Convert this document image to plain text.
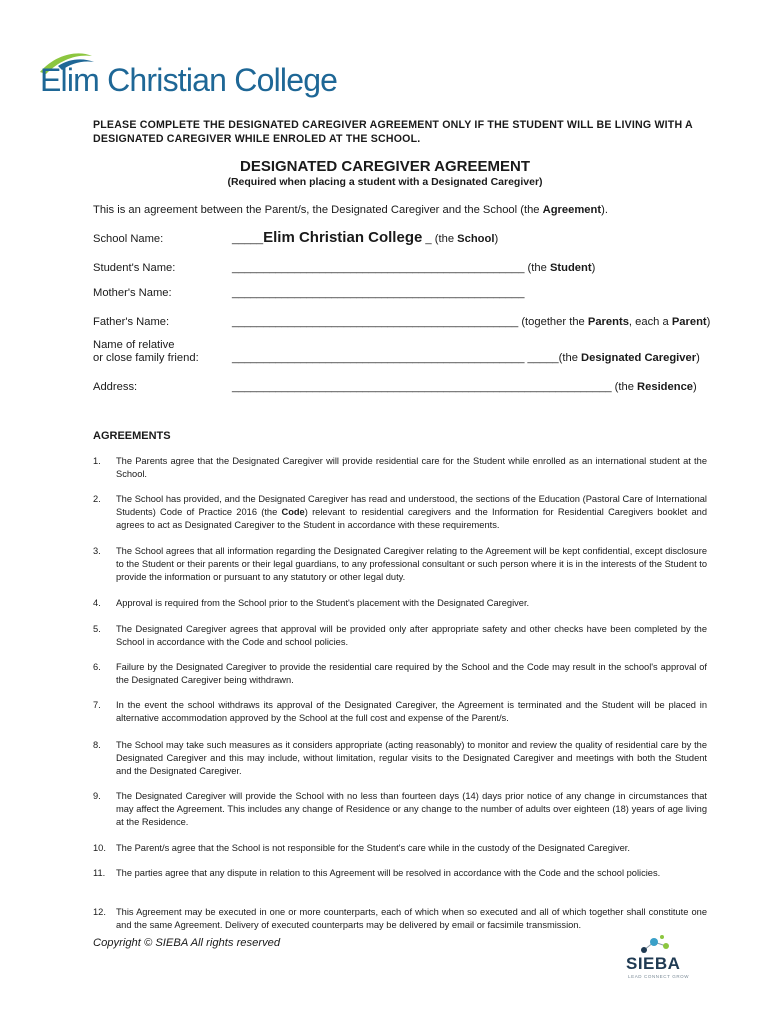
Elim Christian College
PLEASE COMPLETE THE DESIGNATED CAREGIVER AGREEMENT ONLY IF THE STUDENT WILL BE LIVING WITH A DESIGNATED CAREGIVER WHILE ENROLED AT THE SCHOOL.
DESIGNATED CAREGIVER AGREEMENT
(Required when placing a student with a Designated Caregiver)
This is an agreement between the Parent/s, the Designated Caregiver and the School (the Agreement).
School Name:	_____Elim Christian College _ (the School)
Student's Name:	_______________________________________________ (the Student)
Mother's Name:	_______________________________________________
Father's Name:	______________________________________________ (together the Parents, each a Parent)
Name of relative
or close family friend:	_______________________________________________ _____(the Designated Caregiver)
Address:	_____________________________________________________________ (the Residence)
AGREEMENTS
1. The Parents agree that the Designated Caregiver will provide residential care for the Student while enrolled as an international student at the School.
2. The School has provided, and the Designated Caregiver has read and understood, the sections of the Education (Pastoral Care of International Students) Code of Practice 2016 (the Code) relevant to residential caregivers and the Information for Residential Caregivers booklet and agrees to act as Designated Caregiver to the Student in accordance with these requirements.
3. The School agrees that all information regarding the Designated Caregiver relating to the Agreement will be kept confidential, except disclosure to the Student or their parents or their legal guardians, to any professional consultant or such person where it is in the interests of the Student to provide the information or pursuant to any statutory or other legal duty.
4. Approval is required from the School prior to the Student's placement with the Designated Caregiver.
5. The Designated Caregiver agrees that approval will be provided only after appropriate safety and other checks have been completed by the School in accordance with the Code and school policies.
6. Failure by the Designated Caregiver to provide the residential care required by the School and the Code may result in the school's approval of the Designated Caregiver being withdrawn.
7. In the event the school withdraws its approval of the Designated Caregiver, the Agreement is terminated and the Student will be placed in alternative accommodation approved by the School at the full cost and expense of the Parent/s.
8. The School may take such measures as it considers appropriate (acting reasonably) to monitor and review the quality of residential care by the Designated Caregiver and this may include, without limitation, regular visits to the Designated Caregiver and meetings with both the Student and the Designated Caregiver.
9. The Designated Caregiver will provide the School with no less than fourteen days (14) days prior notice of any change in circumstances that may affect the Agreement. This includes any change of Residence or any change to the number of adults over eighteen (18) years of age living at the Residence.
10. The Parent/s agree that the School is not responsible for the Student's care while in the custody of the Designated Caregiver.
11. The parties agree that any dispute in relation to this Agreement will be resolved in accordance with the Code and the school policies.
12. This Agreement may be executed in one or more counterparts, each of which when so executed and all of which together shall constitute one and the same Agreement. Delivery of executed counterparts may be delivered by email or facsimile transmission.
Copyright © SIEBA All rights reserved
SIEBA
LEAD CONNECT GROW
